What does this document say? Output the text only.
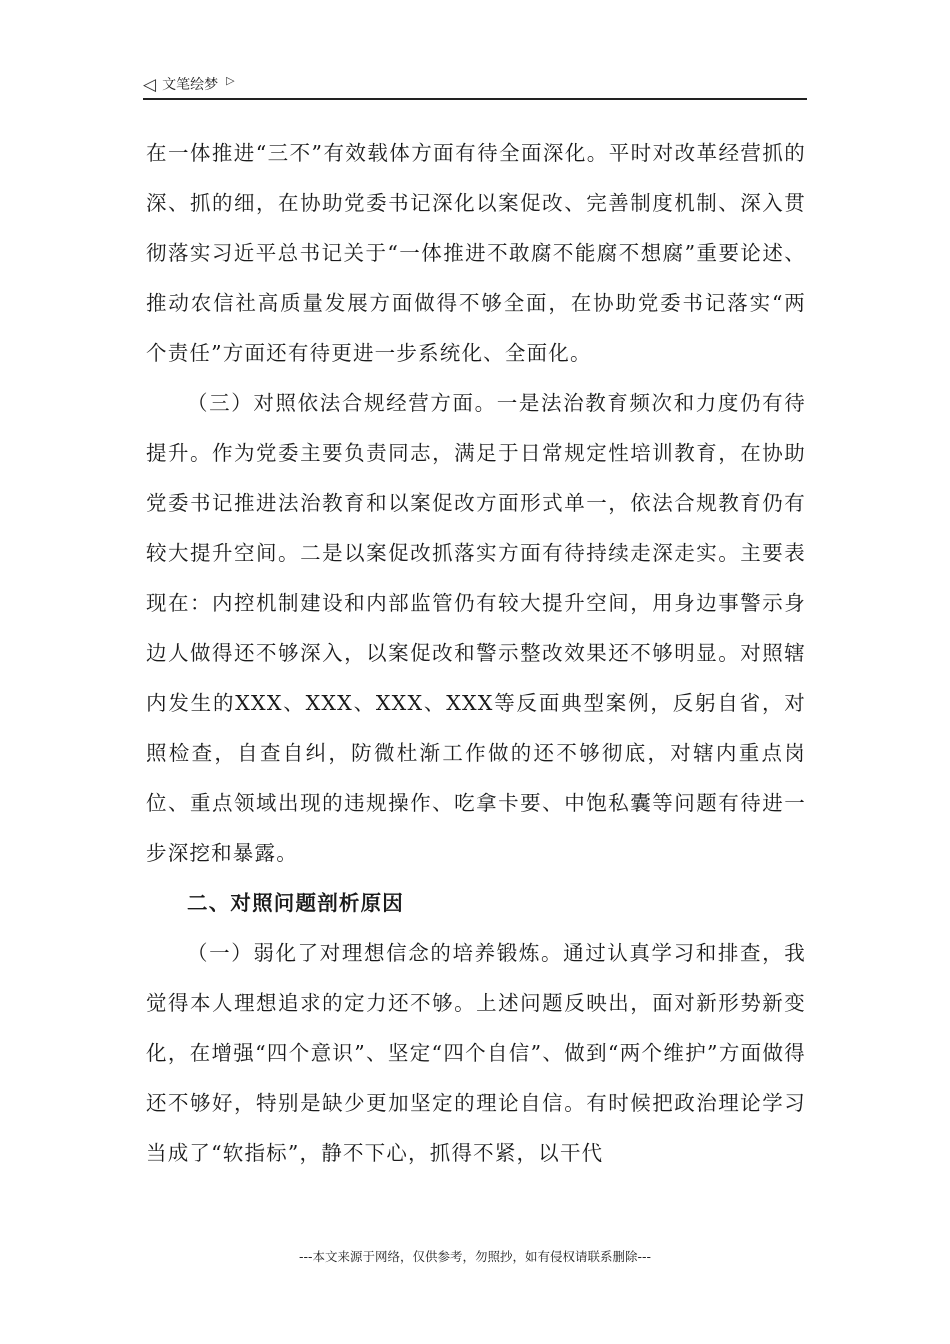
◁ 文笔绘梦 ▷

在一体推进“三不”有效载体方面有待全面深化。平时对改革经营抓的深、抓的细，在协助党委书记深化以案促改、完善制度机制、深入贯彻落实习近平总书记关于“一体推进不敢腐不能腐不想腐”重要论述、推动农信社高质量发展方面做得不够全面，在协助党委书记落实“两个责任”方面还有待更进一步系统化、全面化。

（三）对照依法合规经营方面。一是法治教育频次和力度仍有待提升。作为党委主要负责同志，满足于日常规定性培训教育，在协助党委书记推进法治教育和以案促改方面形式单一，依法合规教育仍有较大提升空间。二是以案促改抓落实方面有待持续走深走实。主要表现在：内控机制建设和内部监管仍有较大提升空间，用身边事警示身边人做得还不够深入，以案促改和警示整改效果还不够明显。对照辖内发生的XXX、XXX、XXX、XXX等反面典型案例，反躬自省，对照检查，自查自纠，防微杜渐工作做的还不够彻底，对辖内重点岗位、重点领域出现的违规操作、吃拿卡要、中饱私囊等问题有待进一步深挖和暴露。

二、对照问题剖析原因

（一）弱化了对理想信念的培养锻炼。通过认真学习和排查，我觉得本人理想追求的定力还不够。上述问题反映出，面对新形势新变化，在增强“四个意识”、坚定“四个自信”、做到“两个维护”方面做得还不够好，特别是缺少更加坚定的理论自信。有时候把政治理论学习当成了“软指标”，静不下心，抓得不紧，以干代

---本文来源于网络，仅供参考，勿照抄，如有侵权请联系删除---
